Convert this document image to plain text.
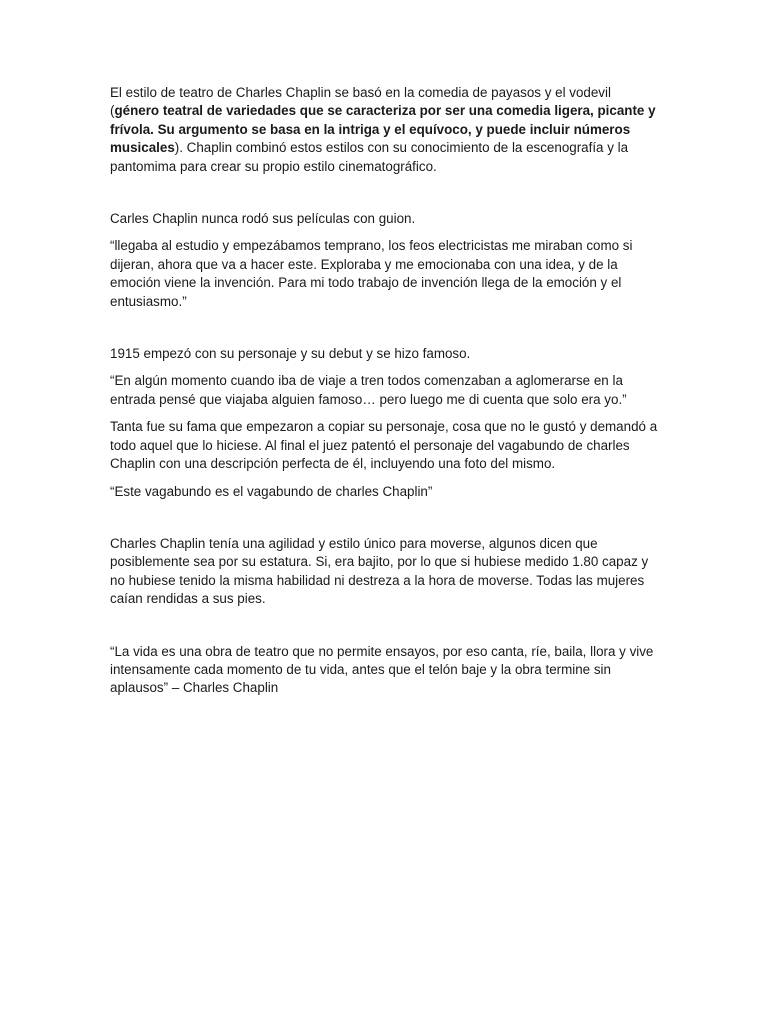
El estilo de teatro de Charles Chaplin se basó en la comedia de payasos y el vodevil (género teatral de variedades que se caracteriza por ser una comedia ligera, picante y frívola. Su argumento se basa en la intriga y el equívoco, y puede incluir números musicales). Chaplin combinó estos estilos con su conocimiento de la escenografía y la pantomima para crear su propio estilo cinematográfico.

Carles Chaplin nunca rodó sus películas con guion.

“llegaba al estudio y empezábamos temprano, los feos electricistas me miraban como si dijeran, ahora que va a hacer este. Exploraba y me emocionaba con una idea, y de la emoción viene la invención. Para mi todo trabajo de invención llega de la emoción y el entusiasmo.”

1915 empezó con su personaje y su debut y se hizo famoso.

“En algún momento cuando iba de viaje a tren todos comenzaban a aglomerarse en la entrada pensé que viajaba alguien famoso… pero luego me di cuenta que solo era yo.”

Tanta fue su fama que empezaron a copiar su personaje, cosa que no le gustó y demandó a todo aquel que lo hiciese. Al final el juez patentó el personaje del vagabundo de charles Chaplin con una descripción perfecta de él, incluyendo una foto del mismo.

“Este vagabundo es el vagabundo de charles Chaplin”

Charles Chaplin tenía una agilidad y estilo único para moverse, algunos dicen que posiblemente sea por su estatura. Si, era bajito, por lo que si hubiese medido 1.80 capaz y no hubiese tenido la misma habilidad ni destreza a la hora de moverse. Todas las mujeres caían rendidas a sus pies.

“La vida es una obra de teatro que no permite ensayos, por eso canta, ríe, baila, llora y vive intensamente cada momento de tu vida, antes que el telón baje y la obra termine sin aplausos” – Charles Chaplin
